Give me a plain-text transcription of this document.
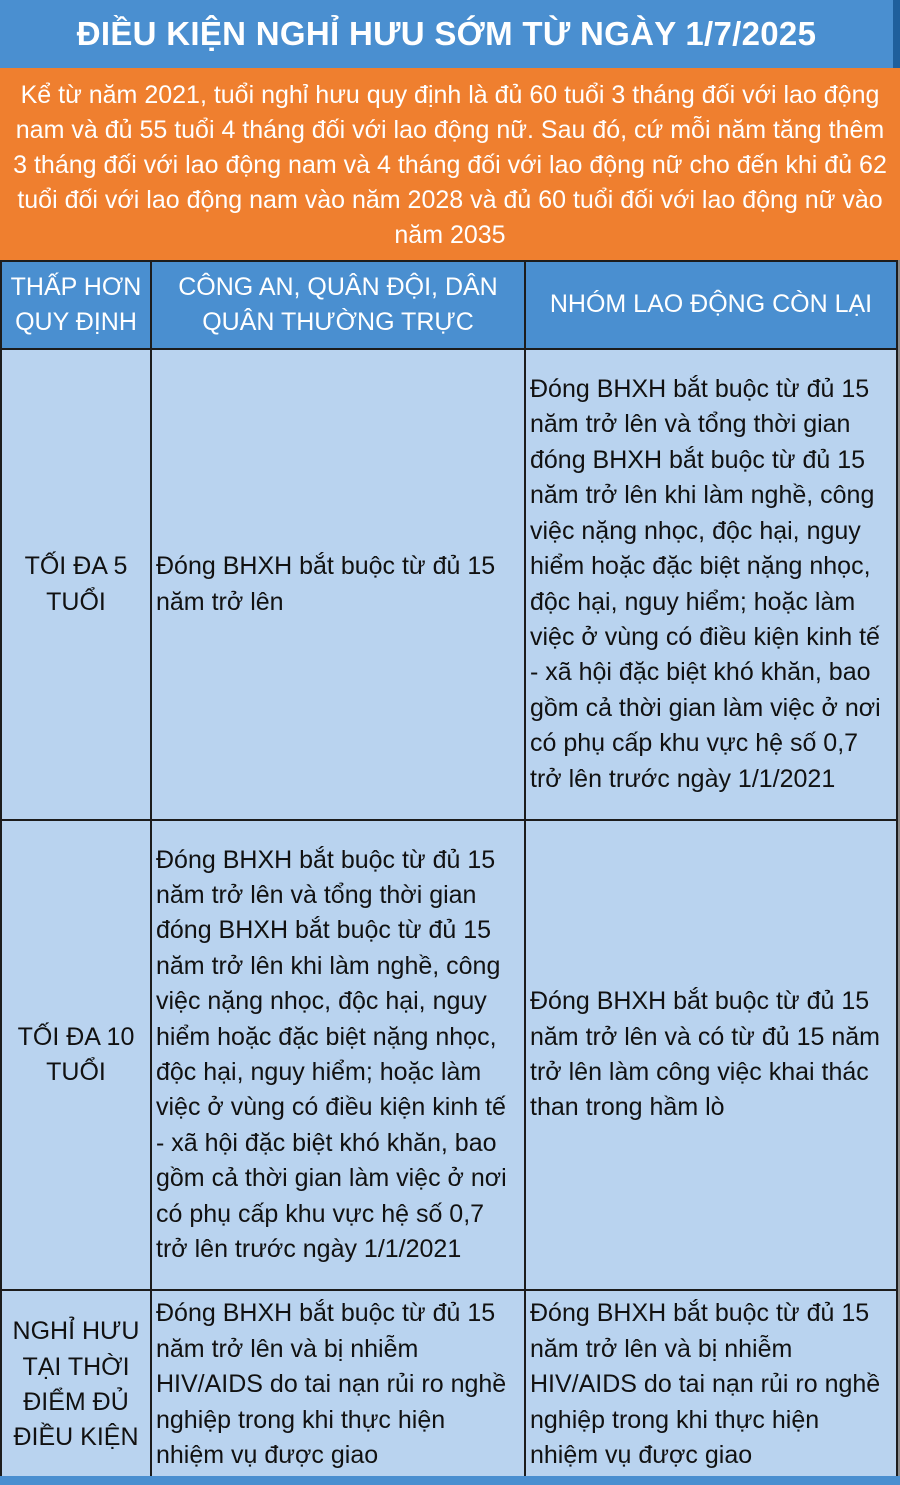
ĐIỀU KIỆN NGHỈ HƯU SỚM TỪ NGÀY 1/7/2025
Kể từ năm 2021, tuổi nghỉ hưu quy định là đủ 60 tuổi 3 tháng đối với lao động nam và đủ 55 tuổi 4 tháng đối với lao động nữ. Sau đó, cứ mỗi năm tăng thêm 3 tháng đối với lao động nam và 4 tháng đối với lao động nữ cho đến khi đủ 62 tuổi đối với lao động nam vào năm 2028 và đủ 60 tuổi đối với lao động nữ vào năm 2035
THẤP HƠN QUY ĐỊNH	CÔNG AN, QUÂN ĐỘI, DÂN QUÂN THƯỜNG TRỰC	NHÓM LAO ĐỘNG CÒN LẠI
TỐI ĐA 5 TUỔI	Đóng BHXH bắt buộc từ đủ 15 năm trở lên	Đóng BHXH bắt buộc từ đủ 15 năm trở lên và tổng thời gian đóng BHXH bắt buộc từ đủ 15 năm trở lên khi làm nghề, công việc nặng nhọc, độc hại, nguy hiểm hoặc đặc biệt nặng nhọc, độc hại, nguy hiểm; hoặc làm việc ở vùng có điều kiện kinh tế - xã hội đặc biệt khó khăn, bao gồm cả thời gian làm việc ở nơi có phụ cấp khu vực hệ số 0,7 trở lên trước ngày 1/1/2021
TỐI ĐA 10 TUỔI	Đóng BHXH bắt buộc từ đủ 15 năm trở lên và tổng thời gian đóng BHXH bắt buộc từ đủ 15 năm trở lên khi làm nghề, công việc nặng nhọc, độc hại, nguy hiểm hoặc đặc biệt nặng nhọc, độc hại, nguy hiểm; hoặc làm việc ở vùng có điều kiện kinh tế - xã hội đặc biệt khó khăn, bao gồm cả thời gian làm việc ở nơi có phụ cấp khu vực hệ số 0,7 trở lên trước ngày 1/1/2021	Đóng BHXH bắt buộc từ đủ 15 năm trở lên và có từ đủ 15 năm trở lên làm công việc khai thác than trong hầm lò
NGHỈ HƯU TẠI THỜI ĐIỂM ĐỦ ĐIỀU KIỆN	Đóng BHXH bắt buộc từ đủ 15 năm trở lên và bị nhiễm HIV/AIDS do tai nạn rủi ro nghề nghiệp trong khi thực hiện nhiệm vụ được giao	Đóng BHXH bắt buộc từ đủ 15 năm trở lên và bị nhiễm HIV/AIDS do tai nạn rủi ro nghề nghiệp trong khi thực hiện nhiệm vụ được giao
